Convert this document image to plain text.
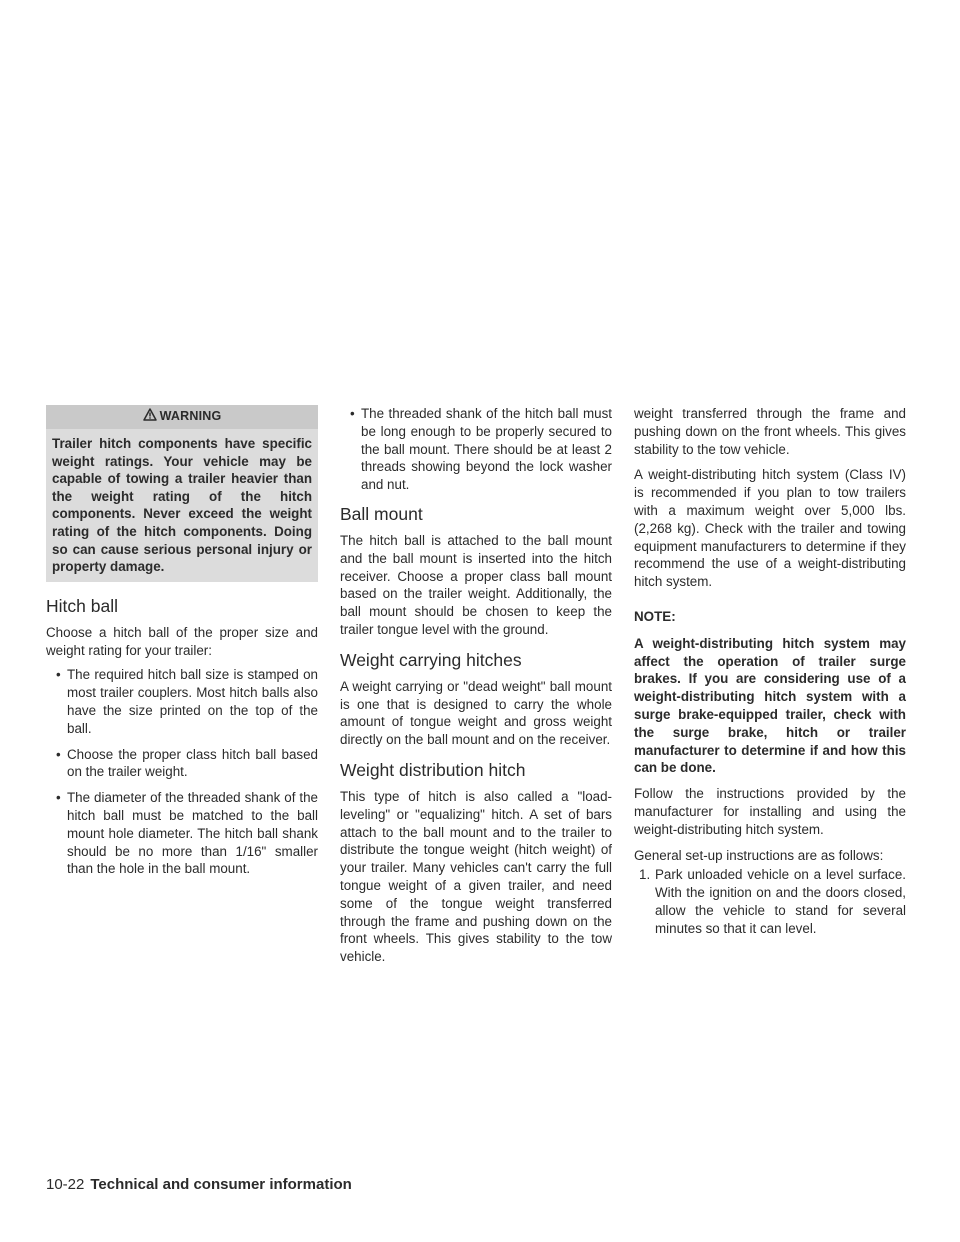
WARNING
Trailer hitch components have specific weight ratings. Your vehicle may be capable of towing a trailer heavier than the weight rating of the hitch components. Never exceed the weight rating of the hitch components. Doing so can cause serious personal injury or property damage.
Hitch ball

Choose a hitch ball of the proper size and weight rating for your trailer:

• The required hitch ball size is stamped on most trailer couplers. Most hitch balls also have the size printed on the top of the ball.
• Choose the proper class hitch ball based on the trailer weight.
• The diameter of the threaded shank of the hitch ball must be matched to the ball mount hole diameter. The hitch ball shank should be no more than 1/16" smaller than the hole in the ball mount.
• The threaded shank of the hitch ball must be long enough to be properly secured to the ball mount. There should be at least 2 threads showing beyond the lock washer and nut.
Ball mount

The hitch ball is attached to the ball mount and the ball mount is inserted into the hitch receiver. Choose a proper class ball mount based on the trailer weight. Additionally, the ball mount should be chosen to keep the trailer tongue level with the ground.

Weight carrying hitches

A weight carrying or "dead weight" ball mount is one that is designed to carry the whole amount of tongue weight and gross weight directly on the ball mount and on the receiver.

Weight distribution hitch

This type of hitch is also called a "load-leveling" or "equalizing" hitch. A set of bars attach to the ball mount and to the trailer to distribute the tongue weight (hitch weight) of your trailer. Many vehicles can't carry the full tongue weight of a given trailer, and need some of the tongue weight transferred through the frame and pushing down on the front wheels. This gives stability to the tow vehicle.

weight transferred through the frame and pushing down on the front wheels. This gives stability to the tow vehicle.

A weight-distributing hitch system (Class IV) is recommended if you plan to tow trailers with a maximum weight over 5,000 lbs. (2,268 kg). Check with the trailer and towing equipment manufacturers to determine if they recommend the use of a weight-distributing hitch system.

NOTE:

A weight-distributing hitch system may affect the operation of trailer surge brakes. If you are considering use of a weight-distributing hitch system with a surge brake-equipped trailer, check with the surge brake, hitch or trailer manufacturer to determine if and how this can be done.

Follow the instructions provided by the manufacturer for installing and using the weight-distributing hitch system.

General set-up instructions are as follows:

1. Park unloaded vehicle on a level surface. With the ignition on and the doors closed, allow the vehicle to stand for several minutes so that it can level.
10-22 Technical and consumer information
